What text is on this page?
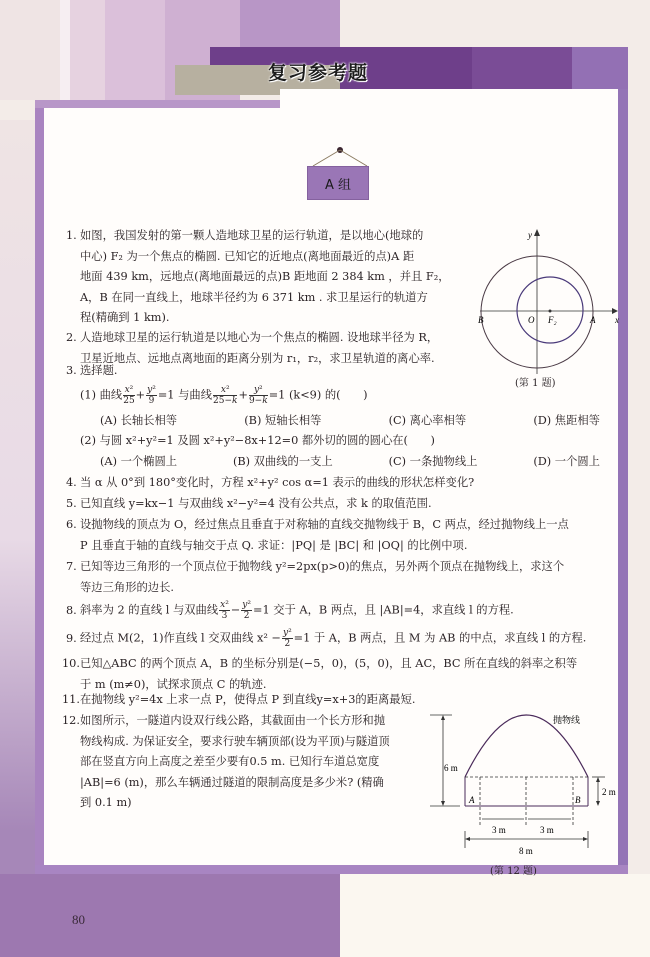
复习参考题
80
A 组
1. 如图，我国发射的第一颗人造地球卫星的运行轨道，是以地心(地球的
中心) F₂ 为一个焦点的椭圆. 已知它的近地点(离地面最近的点)A 距
地面 439 km，远地点(离地面最远的点)B 距地面 2 384 km ，并且 F₂，
A，B 在同一直线上，地球半径约为 6 371 km . 求卫星运行的轨道方
程(精确到 1 km).
y
x
B	O F₂	A
(第 1 题)
2. 人造地球卫星的运行轨道是以地心为一个焦点的椭圆. 设地球半径为 R，
卫星近地点、远地点离地面的距离分别为 r₁，r₂，求卫星轨道的离心率.
3. 选择题.
(1) 曲线 $\frac{\text{x²}}{25} + \frac{\text{y²}}{9} =1$ 与曲线 $\frac{\text{x²}}{25-k} + \frac{\text{y²}}{9-k} =1$ (k<9) 的(　　)
(A) 长轴长相等	(B) 短轴长相等	(C) 离心率相等	(D) 焦距相等
(2) 与圆 x²+y²=1 及圆 x²+y²−8x+12=0 都外切的圆的圆心在(　　)
(A) 一个椭圆上	(B) 双曲线的一支上	(C) 一条抛物线上	(D) 一个圆上
4. 当 α 从 0°到 180°变化时，方程 x²+y² cos α=1 表示的曲线的形状怎样变化?
5. 已知直线 y=kx−1 与双曲线 x²−y²=4 没有公共点，求 k 的取值范围.
6. 设抛物线的顶点为 O，经过焦点且垂直于对称轴的直线交抛物线于 B，C 两点，经过抛物线上一点
P 且垂直于轴的直线与轴交于点 Q. 求证：|PQ| 是 |BC| 和 |OQ| 的比例中项.
7. 已知等边三角形的一个顶点位于抛物线 y²=2px(p>0)的焦点，另外两个顶点在抛物线上，求这个
等边三角形的边长.
8. 斜率为 2 的直线 l 与双曲线 $\frac{\text{x²}}{3} - \frac{\text{y²}}{2} =1$ 交于 A，B 两点，且 |AB|=4，求直线 l 的方程.
9. 经过点 M(2，1)作直线 l 交双曲线 $x^2 - \frac{\text{y²}}{2} =1$ 于 A，B 两点，且 M 为 AB 的中点，求直线 l 的方程.
10.已知△ABC 的两个顶点 A，B 的坐标分别是(−5，0)，(5，0)，且 AC，BC 所在直线的斜率之积等
于 m (m≠0)，试探求顶点 C 的轨迹.
11.在抛物线 y²=4x 上求一点 P，使得点 P 到直线y=x+3的距离最短.
12.如图所示，一隧道内设双行线公路，其截面由一个长方形和抛
物线构成. 为保证安全，要求行驶车辆顶部(设为平顶)与隧道顶
部在竖直方向上高度之差至少要有0.5 m. 已知行车道总宽度
|AB|=6 (m)，那么车辆通过隧道的限制高度是多少米? (精确
到 0.1 m)
6 m
A	B
2 m
3 m	3 m
8 m
抛物线
(第 12 题)
